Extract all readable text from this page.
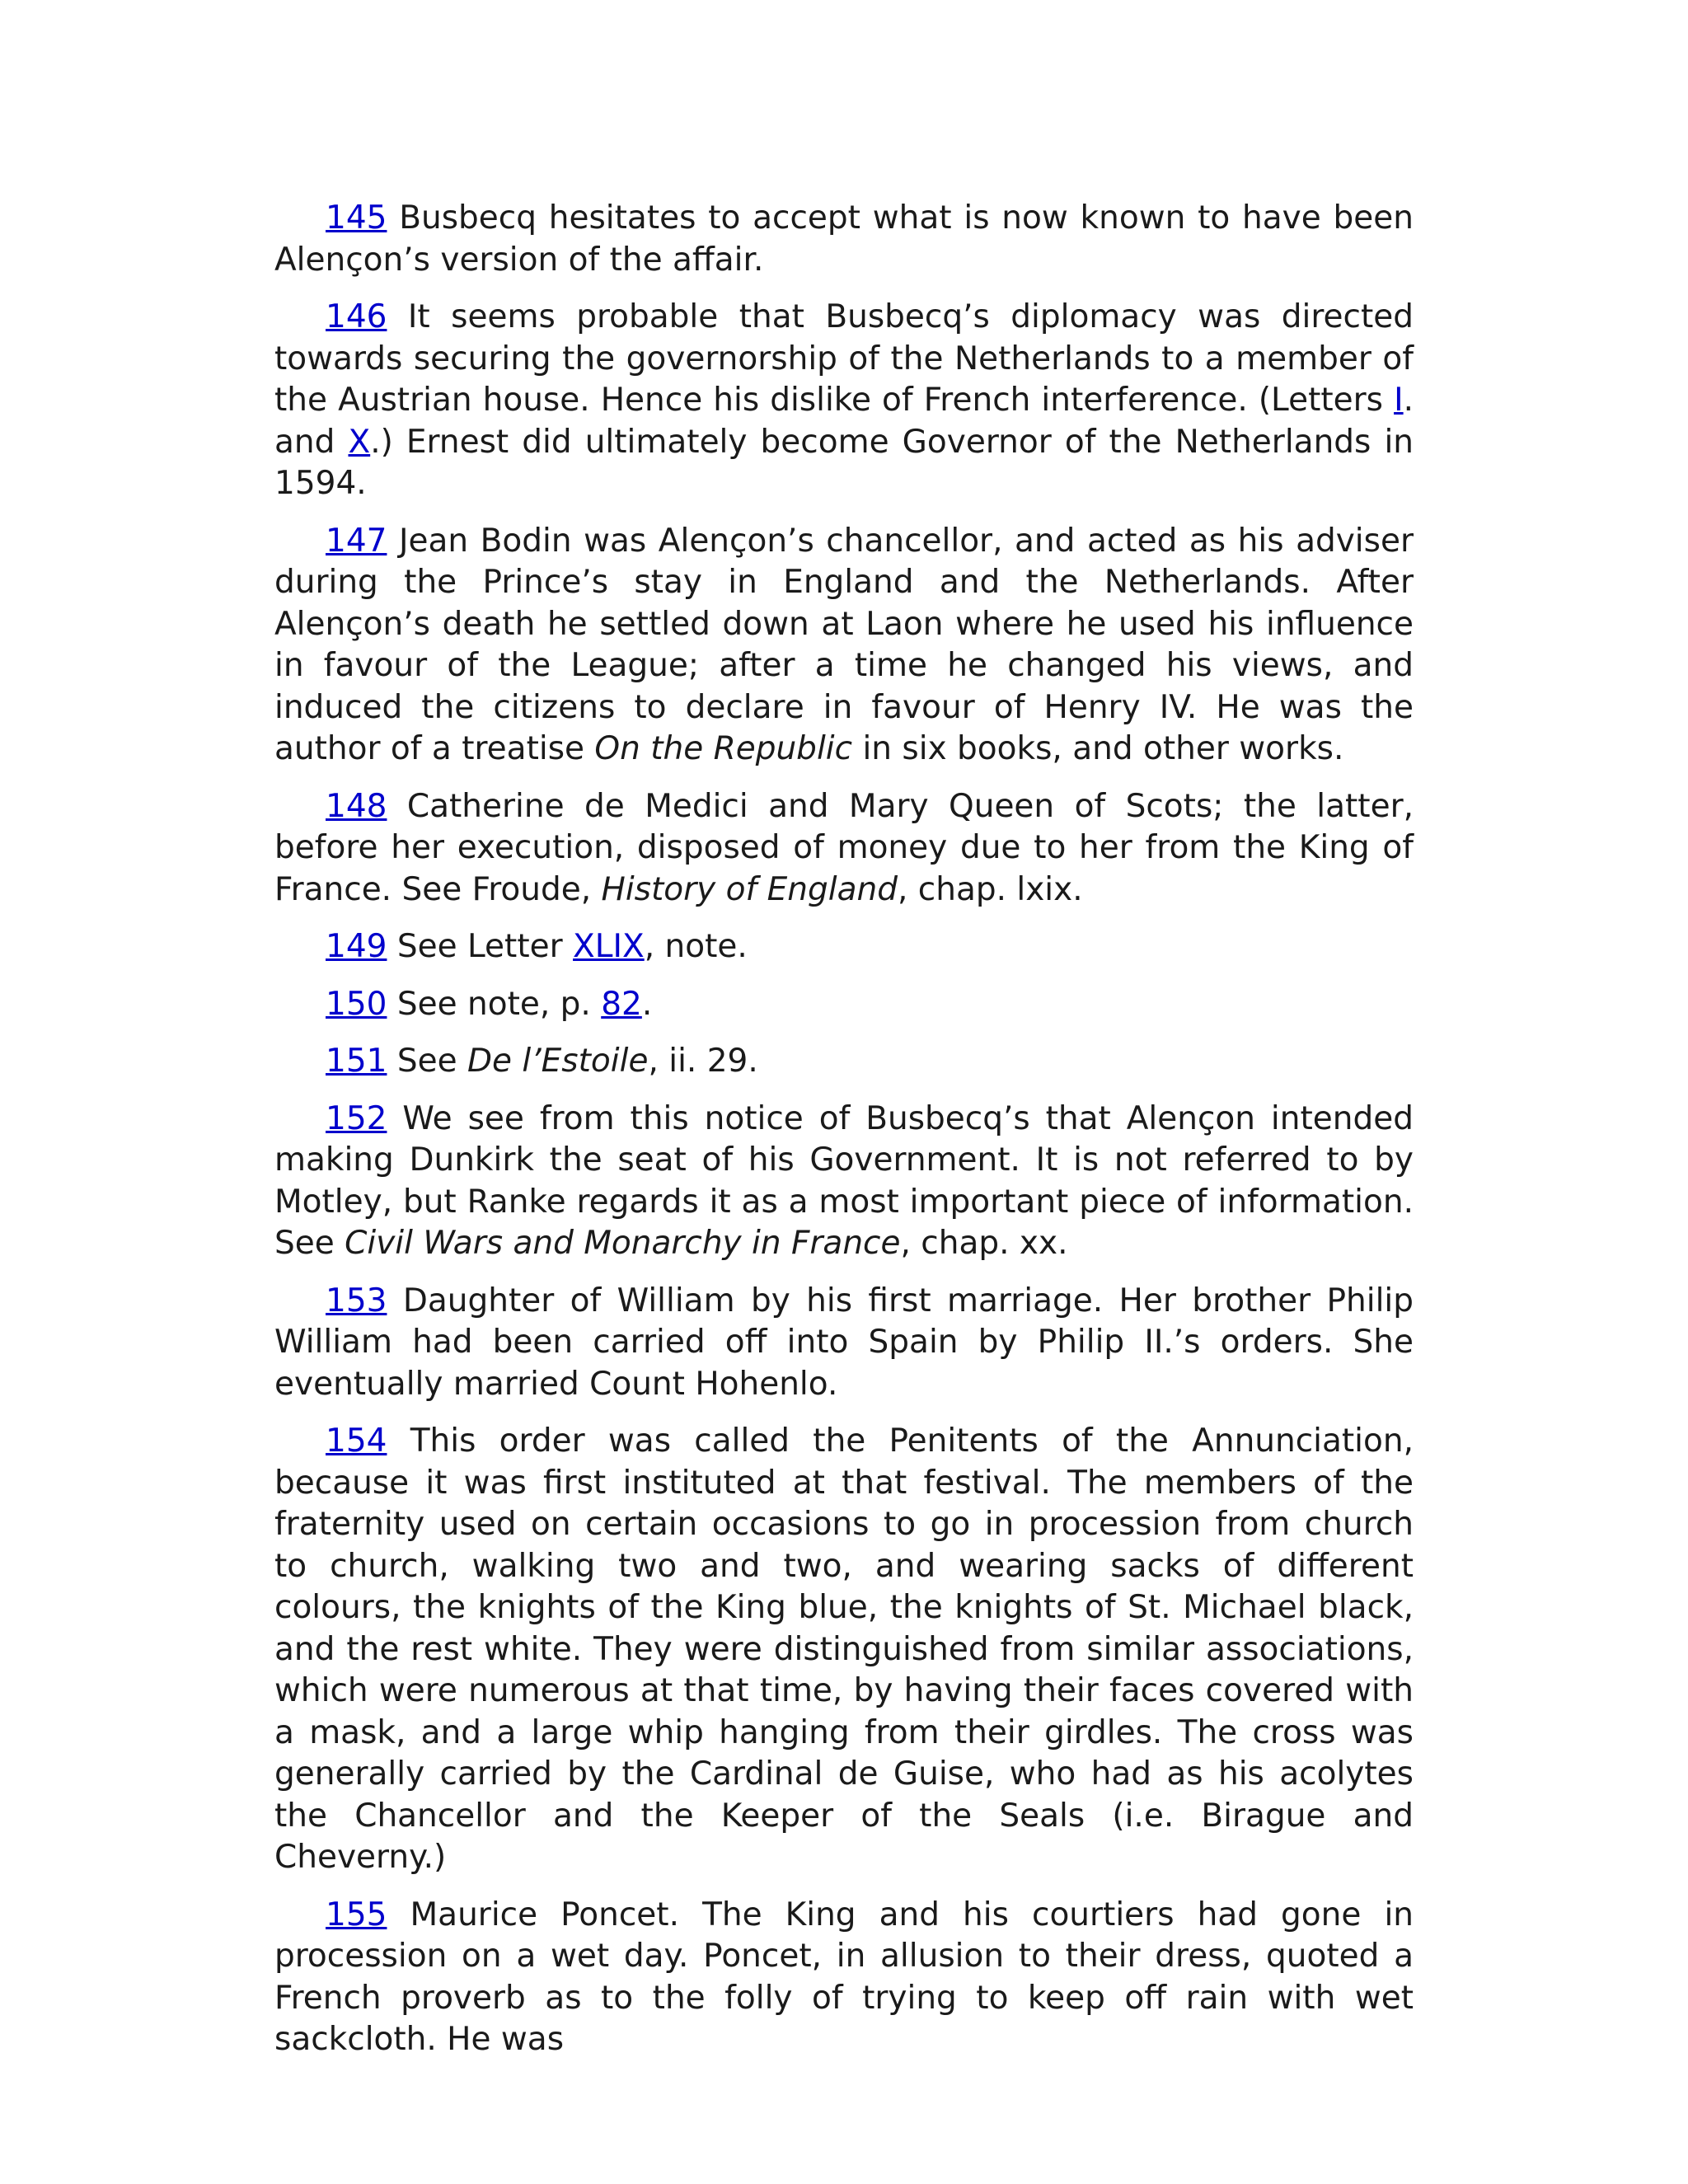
145 Busbecq hesitates to accept what is now known to have been Alençon’s version of the affair.

146 It seems probable that Busbecq’s diplomacy was directed towards securing the governorship of the Netherlands to a member of the Austrian house. Hence his dislike of French interference. (Letters I. and X.) Ernest did ultimately become Governor of the Netherlands in 1594.

147 Jean Bodin was Alençon’s chancellor, and acted as his adviser during the Prince’s stay in England and the Netherlands. After Alençon’s death he settled down at Laon where he used his influence in favour of the League; after a time he changed his views, and induced the citizens to declare in favour of Henry IV. He was the author of a treatise On the Republic in six books, and other works.

148 Catherine de Medici and Mary Queen of Scots; the latter, before her execution, disposed of money due to her from the King of France. See Froude, History of England, chap. lxix.

149 See Letter XLIX, note.

150 See note, p. 82.

151 See De l’Estoile, ii. 29.

152 We see from this notice of Busbecq’s that Alençon intended making Dunkirk the seat of his Government. It is not referred to by Motley, but Ranke regards it as a most important piece of information. See Civil Wars and Monarchy in France, chap. xx.

153 Daughter of William by his first marriage. Her brother Philip William had been carried off into Spain by Philip II.’s orders. She eventually married Count Hohenlo.

154 This order was called the Penitents of the Annunciation, because it was first instituted at that festival. The members of the fraternity used on certain occasions to go in procession from church to church, walking two and two, and wearing sacks of different colours, the knights of the King blue, the knights of St. Michael black, and the rest white. They were distinguished from similar associations, which were numerous at that time, by having their faces covered with a mask, and a large whip hanging from their girdles. The cross was generally carried by the Cardinal de Guise, who had as his acolytes the Chancellor and the Keeper of the Seals (i.e. Birague and Cheverny.)

155 Maurice Poncet. The King and his courtiers had gone in procession on a wet day. Poncet, in allusion to their dress, quoted a French proverb as to the folly of trying to keep off rain with wet sackcloth. He was
